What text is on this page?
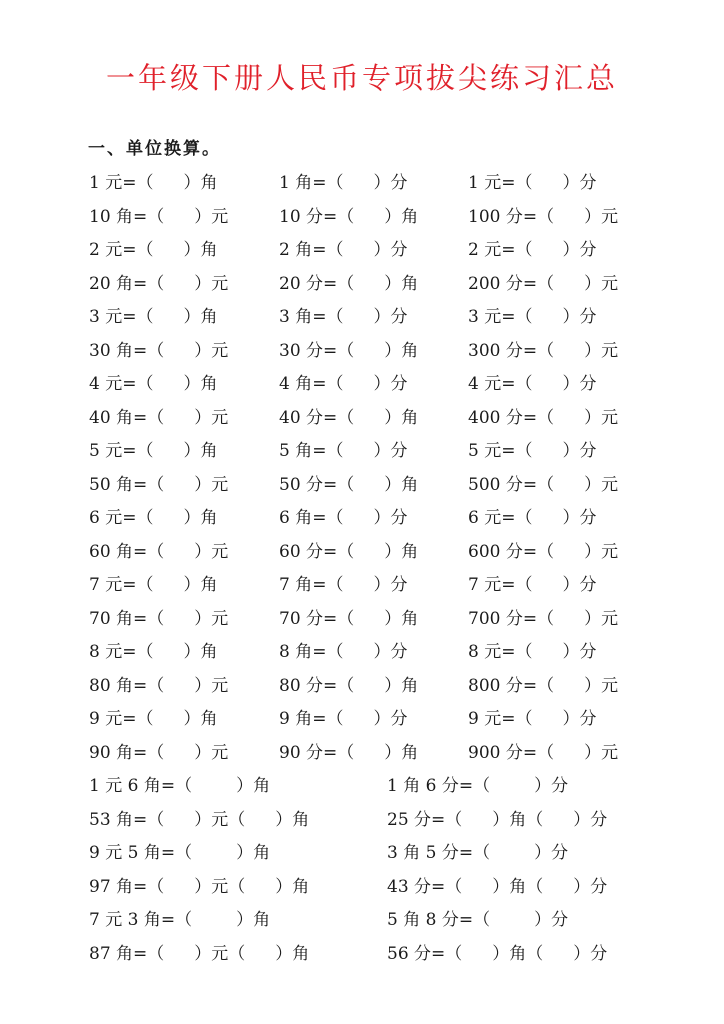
一年级下册人民币专项拔尖练习汇总
一、单位换算。
1 元=（ ）角	1 角=（ ）分	1 元=（ ）分
10 角=（ ）元	10 分=（ ）角	100 分=（ ）元
2 元=（ ）角	2 角=（ ）分	2 元=（ ）分
20 角=（ ）元	20 分=（ ）角	200 分=（ ）元
3 元=（ ）角	3 角=（ ）分	3 元=（ ）分
30 角=（ ）元	30 分=（ ）角	300 分=（ ）元
4 元=（ ）角	4 角=（ ）分	4 元=（ ）分
40 角=（ ）元	40 分=（ ）角	400 分=（ ）元
5 元=（ ）角	5 角=（ ）分	5 元=（ ）分
50 角=（ ）元	50 分=（ ）角	500 分=（ ）元
6 元=（ ）角	6 角=（ ）分	6 元=（ ）分
60 角=（ ）元	60 分=（ ）角	600 分=（ ）元
7 元=（ ）角	7 角=（ ）分	7 元=（ ）分
70 角=（ ）元	70 分=（ ）角	700 分=（ ）元
8 元=（ ）角	8 角=（ ）分	8 元=（ ）分
80 角=（ ）元	80 分=（ ）角	800 分=（ ）元
9 元=（ ）角	9 角=（ ）分	9 元=（ ）分
90 角=（ ）元	90 分=（ ）角	900 分=（ ）元
1 元 6 角=（	）角	1 角 6 分=（	）分
53 角=（ ）元（ ）角	25 分=（ ）角（ ）分
9 元 5 角=（	）角	3 角 5 分=（	）分
97 角=（ ）元（ ）角	43 分=（ ）角（ ）分
7 元 3 角=（	）角	5 角 8 分=（	）分
87 角=（ ）元（ ）角	56 分=（ ）角（ ）分
